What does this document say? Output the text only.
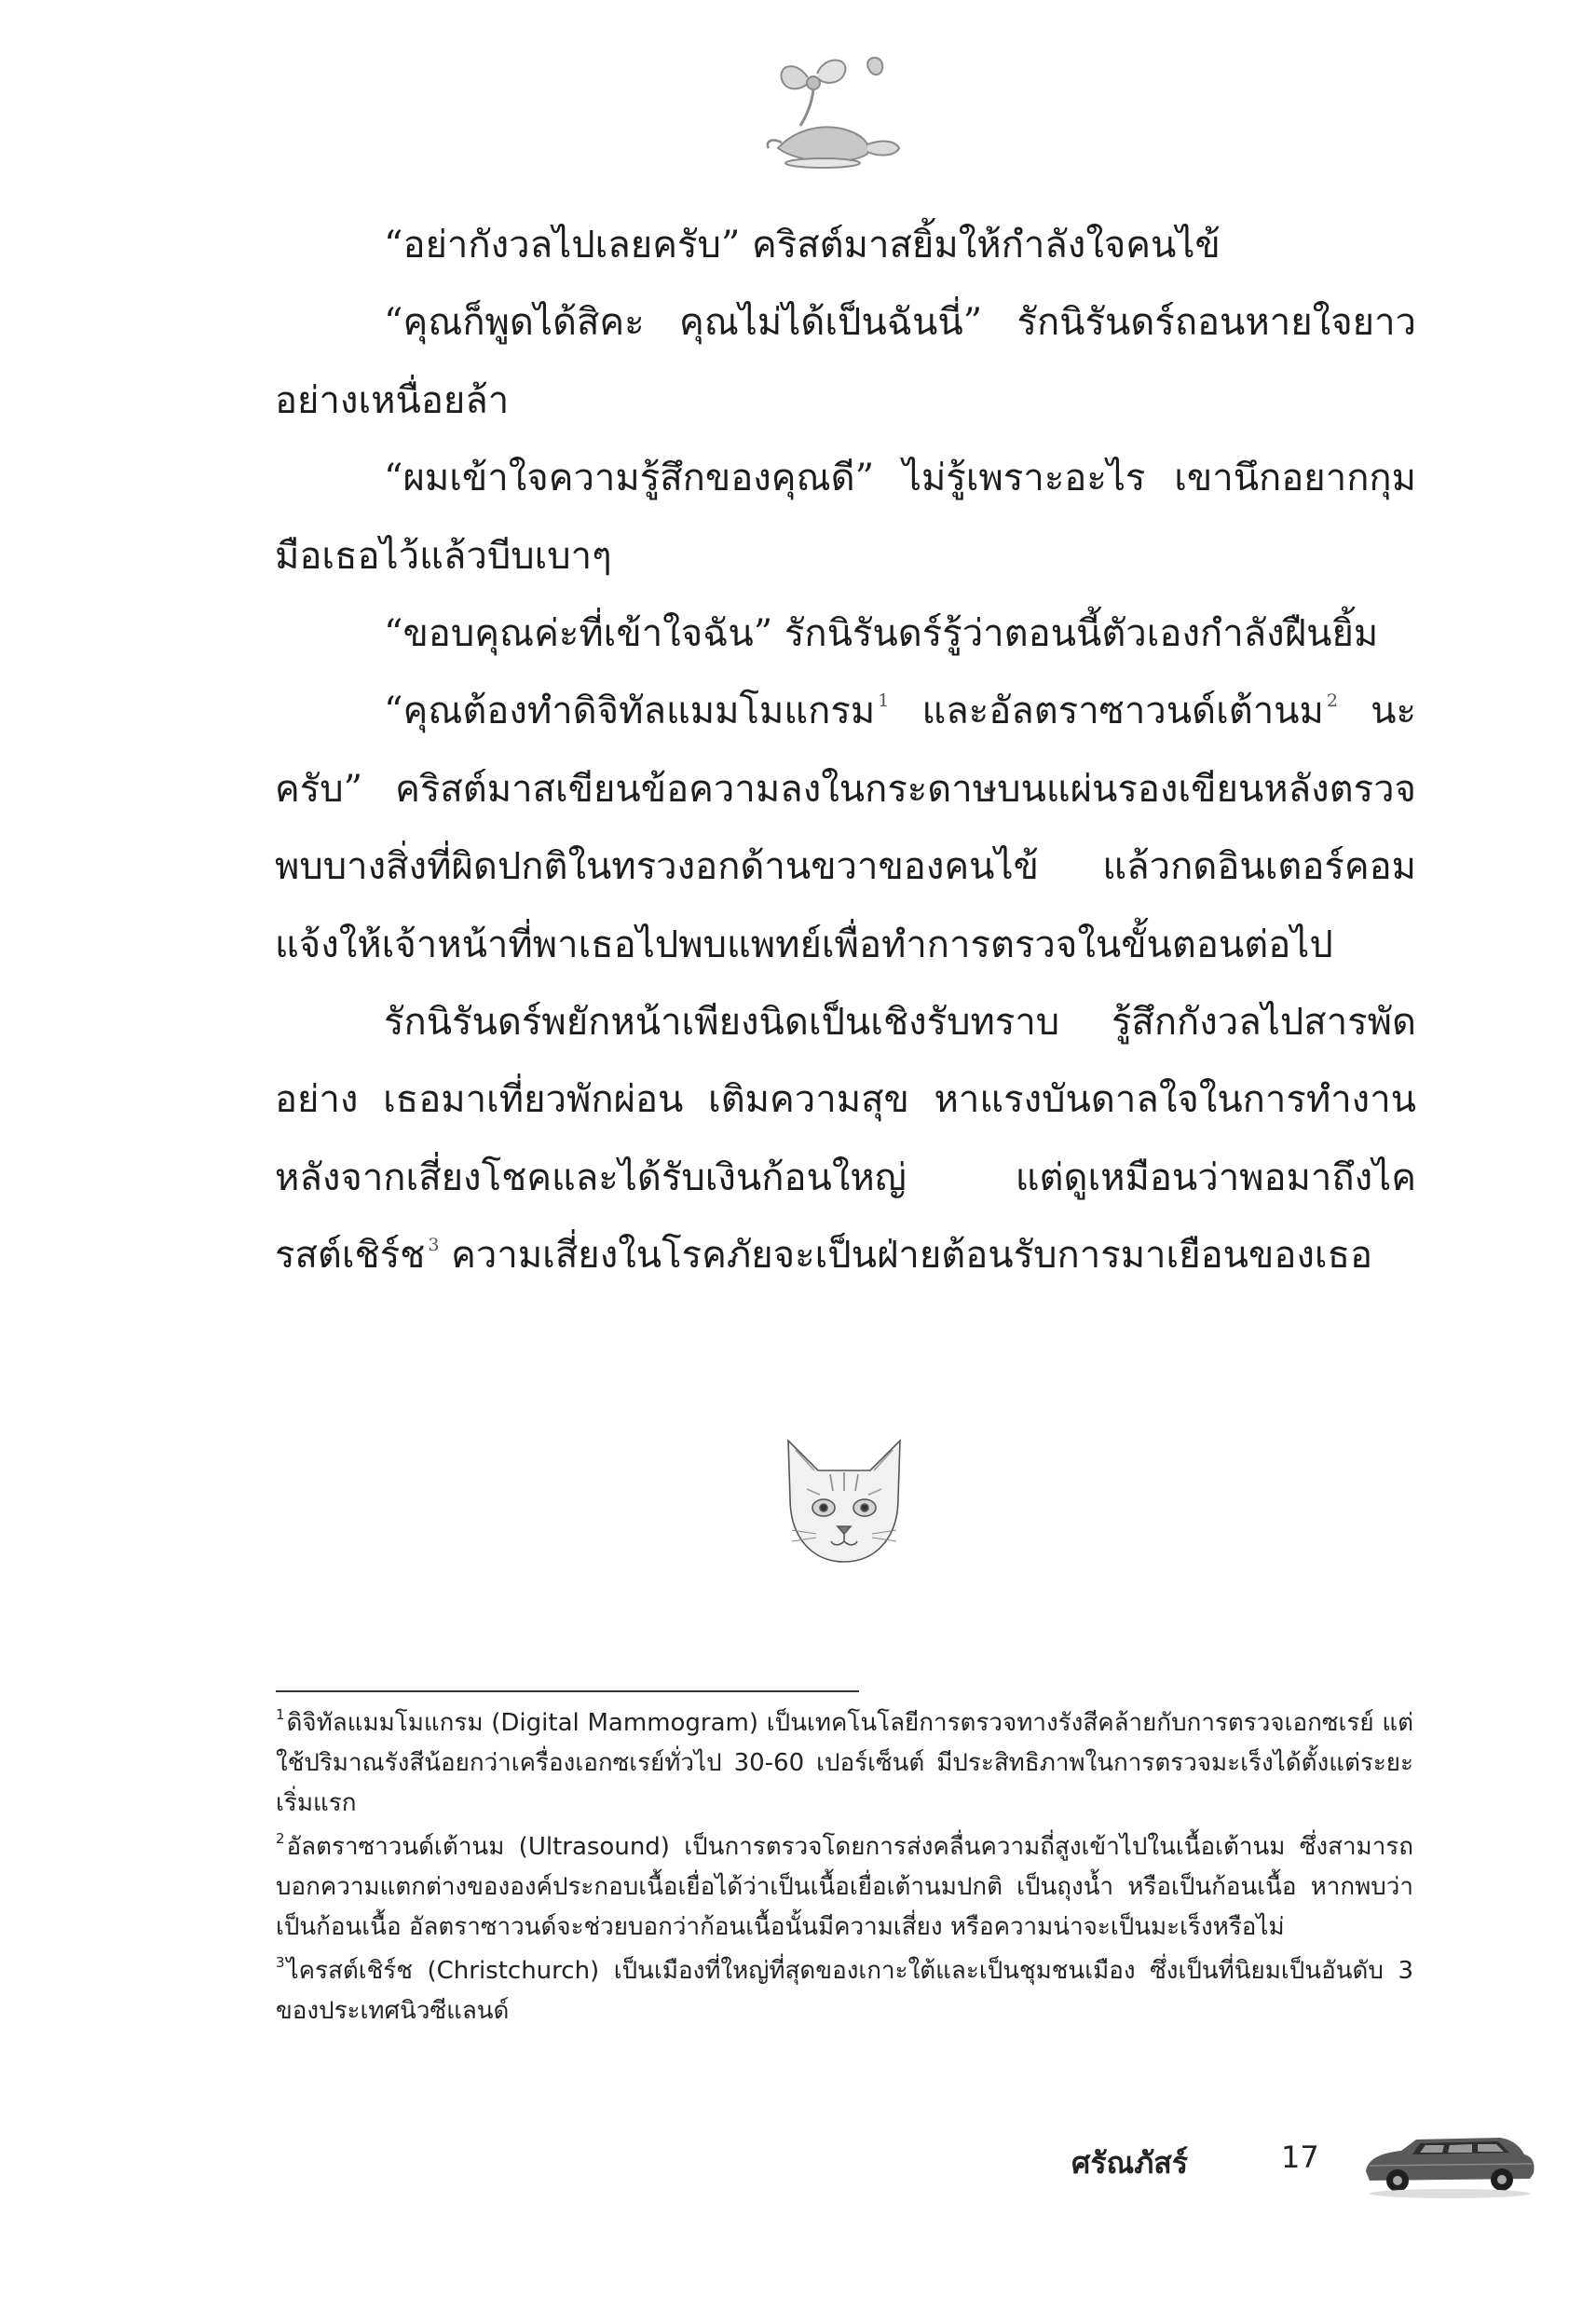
“อย่ากังวลไปเลยครับ” คริสต์มาสยิ้มให้กำลังใจคนไข้

“คุณก็พูดได้สิคะ คุณไม่ได้เป็นฉันนี่” รักนิรันดร์ถอนหายใจยาวอย่างเหนื่อยล้า

“ผมเข้าใจความรู้สึกของคุณดี” ไม่รู้เพราะอะไร เขานึกอยากกุมมือเธอไว้แล้วบีบเบาๆ

“ขอบคุณค่ะที่เข้าใจฉัน” รักนิรันดร์รู้ว่าตอนนี้ตัวเองกำลังฝืนยิ้ม

“คุณต้องทำดิจิทัลแมมโมแกรม $^1$ และอัลตราซาวนด์เต้านม $^2$ นะครับ” คริสต์มาสเขียนข้อความลงในกระดาษบนแผ่นรองเขียนหลังตรวจพบบางสิ่งที่ผิดปกติในทรวงอกด้านขวาของคนไข้ แล้วกดอินเตอร์คอมแจ้งให้เจ้าหน้าที่พาเธอไปพบแพทย์เพื่อทำการตรวจในขั้นตอนต่อไป

รักนิรันดร์พยักหน้าเพียงนิดเป็นเชิงรับทราบ รู้สึกกังวลไปสารพัดอย่าง เธอมาเที่ยวพักผ่อน เติมความสุข หาแรงบันดาลใจในการทำงาน หลังจากเสี่ยงโชคและได้รับเงินก้อนใหญ่ แต่ดูเหมือนว่าพอมาถึงไครสต์เชิร์ช $^3$ ความเสี่ยงในโรคภัยจะเป็นฝ่ายต้อนรับการมาเยือนของเธอ

$^1$ดิจิทัลแมมโมแกรม (Digital Mammogram) เป็นเทคโนโลยีการตรวจทางรังสีคล้ายกับการตรวจเอกซเรย์ แต่ใช้ปริมาณรังสีน้อยกว่าเครื่องเอกซเรย์ทั่วไป 30-60 เปอร์เซ็นต์ มีประสิทธิภาพในการตรวจมะเร็งได้ตั้งแต่ระยะเริ่มแรก

$^2$อัลตราซาวนด์เต้านม (Ultrasound) เป็นการตรวจโดยการส่งคลื่นความถี่สูงเข้าไปในเนื้อเต้านม ซึ่งสามารถบอกความแตกต่างขององค์ประกอบเนื้อเยื่อได้ว่าเป็นเนื้อเยื่อเต้านมปกติ เป็นถุงน้ำ หรือเป็นก้อนเนื้อ หากพบว่าเป็นก้อนเนื้อ อัลตราซาวนด์จะช่วยบอกว่าก้อนเนื้อนั้นมีความเสี่ยง หรือความน่าจะเป็นมะเร็งหรือไม่

$^3$ไครสต์เชิร์ช (Christchurch) เป็นเมืองที่ใหญ่ที่สุดของเกาะใต้และเป็นชุมชนเมือง ซึ่งเป็นที่นิยมเป็นอันดับ 3 ของประเทศนิวซีแลนด์

ศรัณภัสร์	17
